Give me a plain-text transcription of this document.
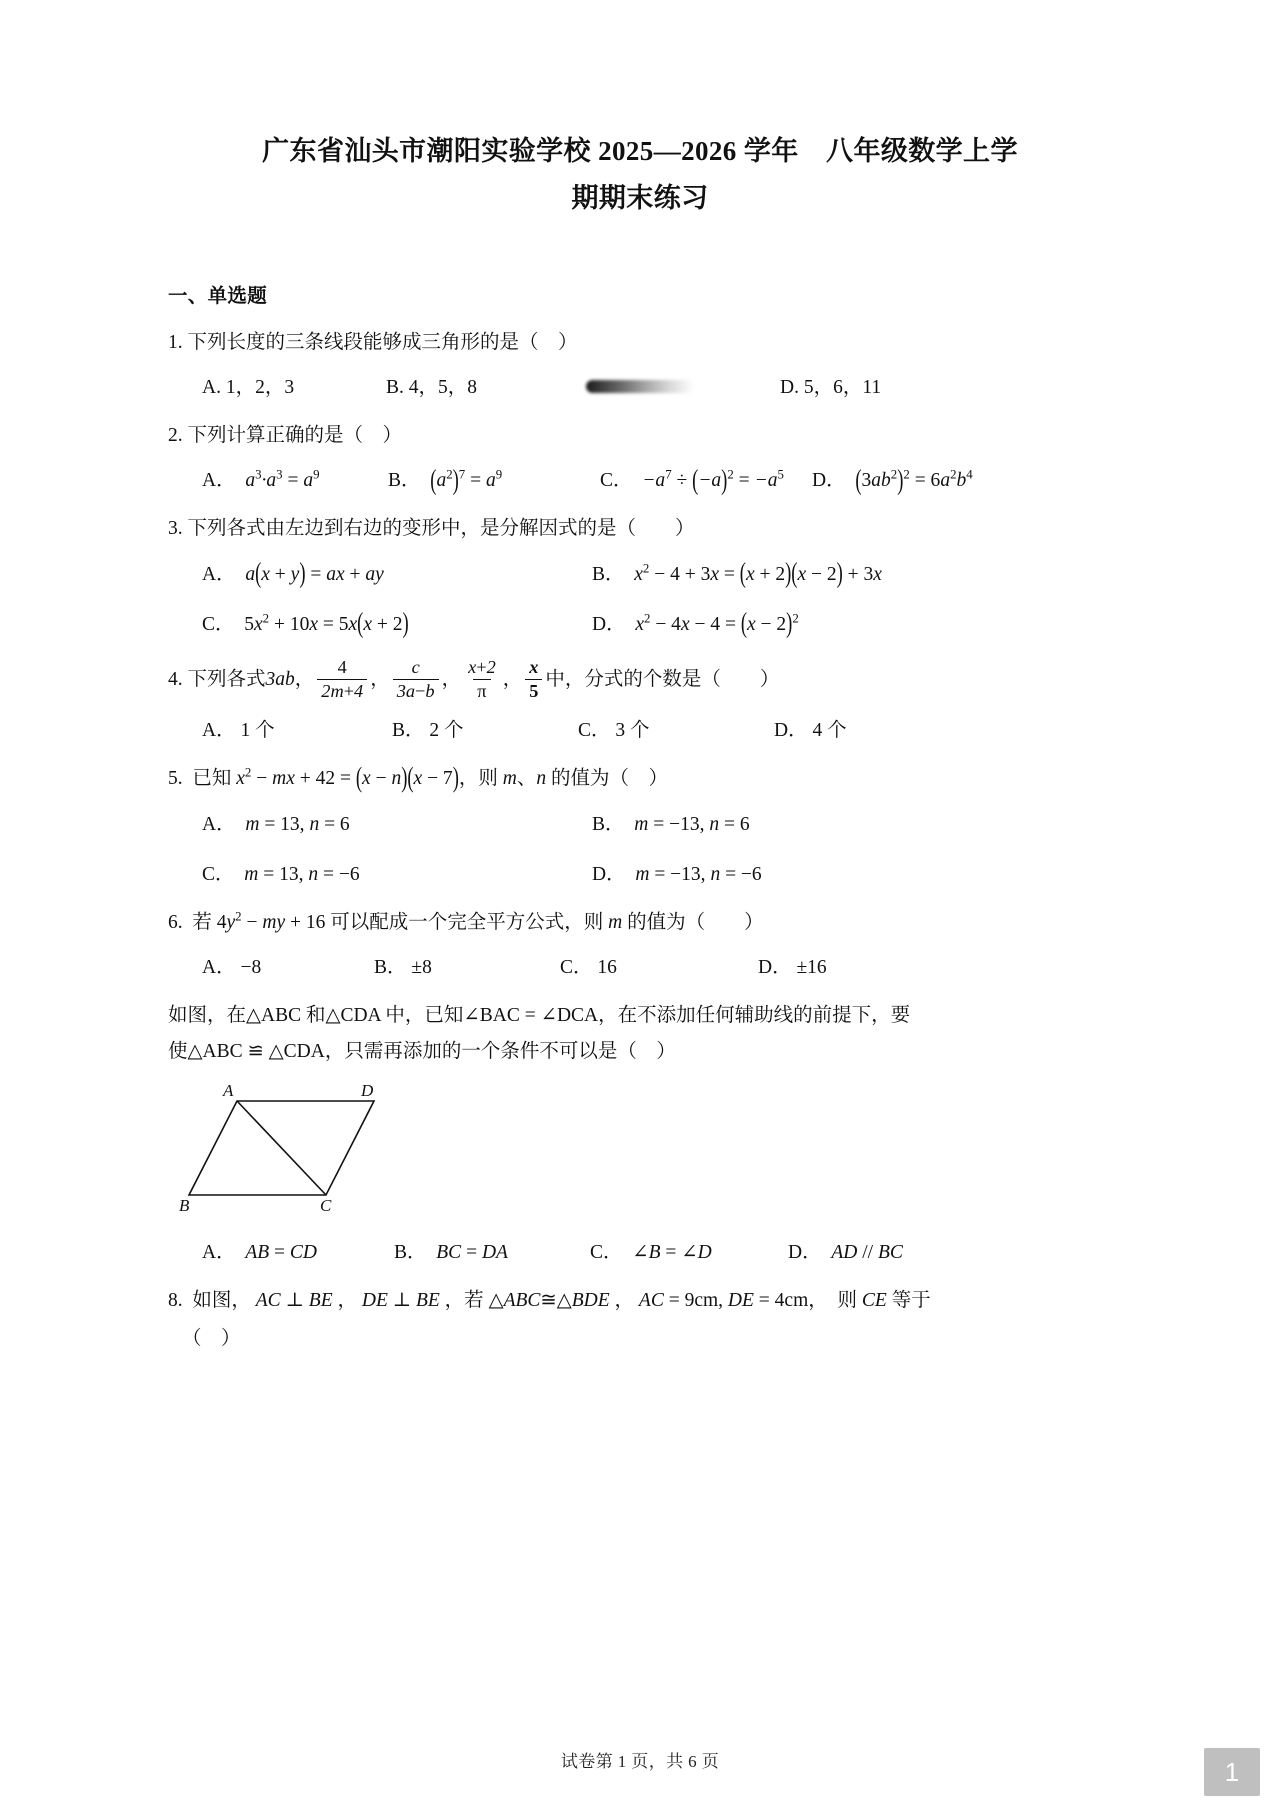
广东省汕头市潮阳实验学校 2025—2026 学年　八年级数学上学
期期末练习
一、单选题
1. 下列长度的三条线段能够成三角形的是（　）
A. 1，2，3	B. 4，5，8	D. 5，6，11
2. 下列计算正确的是（　）
A．  $a^3\cdot a^3 = a^9$	B． $(a^2)^7 = a^9$	C．  $-a^7 \div (-a)^2 = -a^5$	D． $(3ab^2)^2 = 6a^2b^4$
3. 下列各式由左边到右边的变形中，是分解因式的是（　　）
A．  a(x + y) = ax + ay	B．  $x^2 - 4 + 3x = (x + 2)(x - 2) + 3x$
C． $5x^2 + 10x = 5x(x + 2)$	D．  $x^2 - 4x - 4 = (x - 2)^2$
4. 下列各式3ab， $\frac{4}{2m+4}$ ， $\frac{c}{3a-b}$ ， $\frac{x+2}{\pi}$ ， $\frac{x}{5}$ 中，分式的个数是（　　）
A． 1 个	B． 2 个	C． 3 个	D． 4 个
5.  已知 $x^2$ − mx + 42 = (x − n)(x − 7)，则 m、n 的值为（　）
A．  m = 13, n = 6	B．  m = −13, n = 6
C．  m = 13, n = −6	D．  m = −13, n = −6
6.  若 $4y^2$ − my + 16 可以配成一个完全平方公式，则 m 的值为（　　）
A． −8	B． ±8	C． 16	D． ±16
如图，在△ABC 和△CDA 中，已知∠BAC = ∠DCA，在不添加任何辅助线的前提下，要
使△ABC ≌ △CDA，只需再添加的一个条件不可以是（　）
A	D
B	C
A．  AB = CD	B．  BC = DA	C． ∠B = ∠D	D．  AD // BC
8.  如图， AC ⊥ BE ， DE ⊥ BE ，若 △ABC≅△BDE ， AC = 9cm, DE = 4cm，　则 CE 等于
（　）
试卷第 1 页，共 6 页	1
